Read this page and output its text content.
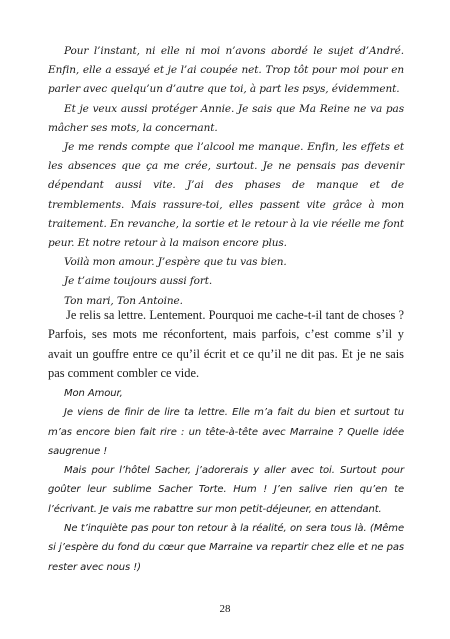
Pour l’instant, ni elle ni moi n’avons abordé le sujet d’André. Enfin, elle a essayé et je l’ai coupée net. Trop tôt pour moi pour en parler avec quelqu’un d’autre que toi, à part les psys, évidemment.

Et je veux aussi protéger Annie. Je sais que Ma Reine ne va pas mâcher ses mots, la concernant.

Je me rends compte que l’alcool me manque. Enfin, les effets et les absences que ça me crée, surtout. Je ne pensais pas devenir dépendant aussi vite. J’ai des phases de manque et de tremblements. Mais rassure-toi, elles passent vite grâce à mon traitement. En revanche, la sortie et le retour à la vie réelle me font peur. Et notre retour à la maison encore plus.

Voilà mon amour. J’espère que tu vas bien.

Je t’aime toujours aussi fort.

Ton mari, Ton Antoine.

Je relis sa lettre. Lentement. Pourquoi me cache-t-il tant de choses ? Parfois, ses mots me réconfortent, mais parfois, c’est comme s’il y avait un gouffre entre ce qu’il écrit et ce qu’il ne dit pas. Et je ne sais pas comment combler ce vide.

Mon Amour,

Je viens de finir de lire ta lettre. Elle m’a fait du bien et surtout tu m’as encore bien fait rire : un tête-à-tête avec Marraine ? Quelle idée saugrenue !

Mais pour l’hôtel Sacher, j’adorerais y aller avec toi. Surtout pour goûter leur sublime Sacher Torte. Hum ! J’en salive rien qu’en te l’écrivant. Je vais me rabattre sur mon petit-déjeuner, en attendant.

Ne t’inquiète pas pour ton retour à la réalité, on sera tous là. (Même si j’espère du fond du cœur que Marraine va repartir chez elle et ne pas rester avec nous !)

28
